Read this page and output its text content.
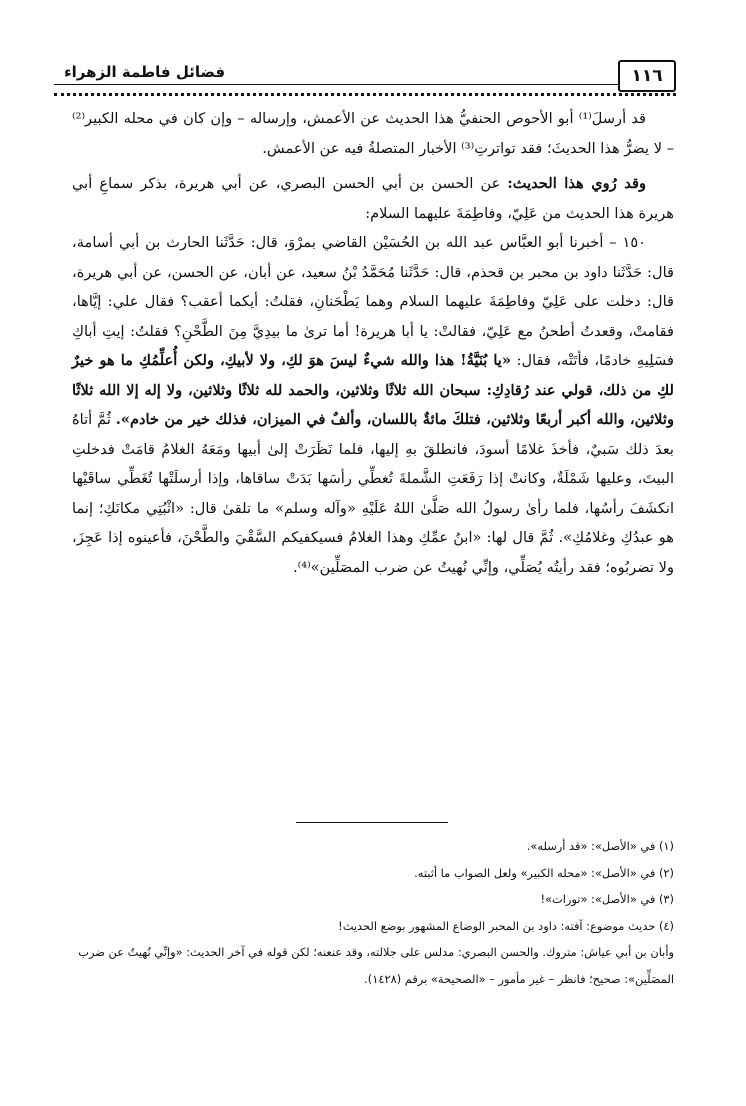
١١٦
فضائل فاطمة الزهراء

قد أرسلَ⁽¹⁾ أبو الأحوص الحنفيُّ هذا الحديث عن الأعمش، وإرساله – وإن كان في محله الكبير⁽²⁾ – لا يضرُّ هذا الحديثَ؛ فقد تواترتِ⁽³⁾ الأخبار المتصلةُ فيه عن الأعمش.

وقد رُوي هذا الحديث: عن الحسن بن أبي الحسن البصري، عن أبي هريرة، بذكر سماعِ أبي هريرة هذا الحديث من عَلِيّ، وفاطِمَةَ عليهما السلام:

١٥٠ – أخبرنا أبو العبَّاس عبد الله بن الحُسَيْن القاضي بمرْوَ، قال: حَدَّثَنا الحارث بن أبي أسامة، قال: حَدَّثَنا داود بن محبر بن قحذم، قال: حَدَّثَنا مُحَمَّدُ بْنُ سعيد، عن أبان، عن الحسن، عن أبي هريرة، قال: دخلت على عَلِيّ وفاطِمَةَ عليهما السلام وهما يَطْحَنانِ، فقلتُ: أيكما أعقب؟ فقال علي: إيَّاها، فقامتْ، وقعدتُ أطحنُ مع عَلِيّ، فقالتْ: يا أبا هريرة! أما ترىٰ ما بيدِيَّ مِنَ الطَّحْنِ؟ فقلتُ: إيتِ أباكِ فسَلِيهِ خادمًا، فأتَتْه، فقال: «يا بُنَيَّةُ! هذا والله شيءٌ ليسَ هوَ لكِ، ولا لأبيكِ، ولكن أُعلِّمُكِ ما هو خيرٌ لكِ من ذلك، قولي عند رُقادِكِ: سبحان الله ثلاثًا وثلاثين، والحمد لله ثلاثًا وثلاثين، ولا إله إلا الله ثلاثًا وثلاثين، والله أكبر أربعًا وثلاثين، فتلكَ مائةٌ باللسان، وألفٌ في الميزان، فذلك خير من خادم». ثُمَّ أتاهُ بعدَ ذلك سَبيٌ، فأخذَ غلامًا أسودَ، فانطلقَ بهِ إليها، فلما نَظَرَتْ إلىٰ أبيها ومَعَهُ الغلامُ قامَتْ فدخلتِ البيتَ، وعليها شَمْلَةٌ، وكانتْ إذا رَفَعَتِ الشَّملةَ تُغطِّي رأسَها بَدَتْ ساقاها، وإذا أرسلَتْها تُغَطِّي ساقَيْها انكشَفَ رأسُها، فلما رأىٰ رسولُ الله صَلَّىٰ اللهُ عَلَيْهِ «وآله وسلم» ما تلقىٰ قال: «اثْبُتِي مكانَكِ؛ إنما هو عبدُكِ وغلامُكِ». ثُمَّ قال لها: «ابنُ عمِّكِ وهذا الغلامُ فسيكفيكم السَّقْيَ والطَّحْنَ، فأعينوه إذا عَجِزَ، ولا تضربُوه؛ فقد رأيتُه يُصَلِّي، وإنِّي نُهيتُ عن ضرب المصَلِّين»⁽⁴⁾.

(١) في «الأصل»: «قد أرسله».

(٢) في «الأصل»: «محله الكبير» ولعل الصواب ما أثبته.

(٣) في «الأصل»: «تورات»!

(٤) حديث موضوع: آفته: داود بن المحبر الوضاع المشهور بوضع الحديث!

وأبان بن أبي عياش: متروك. والحسن البصري: مدلس على جلالته، وقد عنعنه؛ لكن قوله في آخر الحديث: «وإنِّي نُهيتُ عن ضرب المصَلِّين»: صحيح؛ فانظر – غير مأمور – «الصحيحة» برقم (١٤٢٨).
